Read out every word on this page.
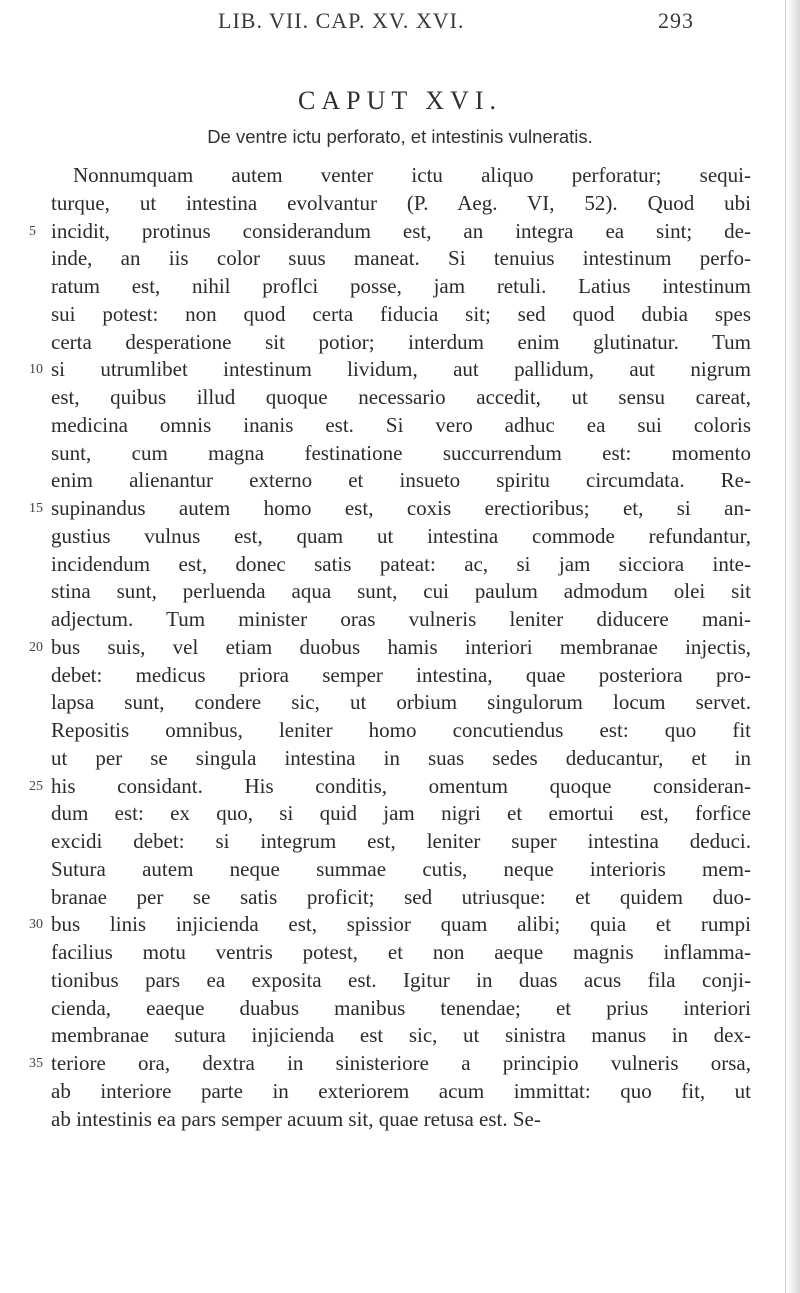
LIB. VII. CAP. XV. XVI.	293
CAPUT XVI.
De ventre ictu perforato, et intestinis vulneratis.
Nonnumquam autem venter ictu aliquo perforatur; sequi-
turque, ut intestina evolvantur (P. Aeg. VI, 52). Quod ubi
5 incidit, protinus considerandum est, an integra ea sint; de-
inde, an iis color suus maneat. Si tenuius intestinum perfo-
ratum est, nihil proflci posse, jam retuli. Latius intestinum
sui potest: non quod certa fiducia sit; sed quod dubia spes
certa desperatione sit potior; interdum enim glutinatur. Tum
10 si utrumlibet intestinum lividum, aut pallidum, aut nigrum
est, quibus illud quoque necessario accedit, ut sensu careat,
medicina omnis inanis est. Si vero adhuc ea sui coloris
sunt, cum magna festinatione succurrendum est: momento
enim alienantur externo et insueto spiritu circumdata. Re-
15 supinandus autem homo est, coxis erectioribus; et, si an-
gustius vulnus est, quam ut intestina commode refundantur,
incidendum est, donec satis pateat: ac, si jam sicciora inte-
stina sunt, perluenda aqua sunt, cui paulum admodum olei sit
adjectum. Tum minister oras vulneris leniter diducere mani-
20 bus suis, vel etiam duobus hamis interiori membranae injectis,
debet: medicus priora semper intestina, quae posteriora pro-
lapsa sunt, condere sic, ut orbium singulorum locum servet.
Repositis omnibus, leniter homo concutiendus est: quo fit
ut per se singula intestina in suas sedes deducantur, et in
25 his considant. His conditis, omentum quoque consideran-
dum est: ex quo, si quid jam nigri et emortui est, forfice
excidi debet: si integrum est, leniter super intestina deduci.
Sutura autem neque summae cutis, neque interioris mem-
branae per se satis proficit; sed utriusque: et quidem duo-
30 bus linis injicienda est, spissior quam alibi; quia et rumpi
facilius motu ventris potest, et non aeque magnis inflamma-
tionibus pars ea exposita est. Igitur in duas acus fila conji-
cienda, eaeque duabus manibus tenendae; et prius interiori
membranae sutura injicienda est sic, ut sinistra manus in dex-
35 teriore ora, dextra in sinisteriore a principio vulneris orsa,
ab interiore parte in exteriorem acum immittat: quo fit, ut
ab intestinis ea pars semper acuum sit, quae retusa est. Se-
